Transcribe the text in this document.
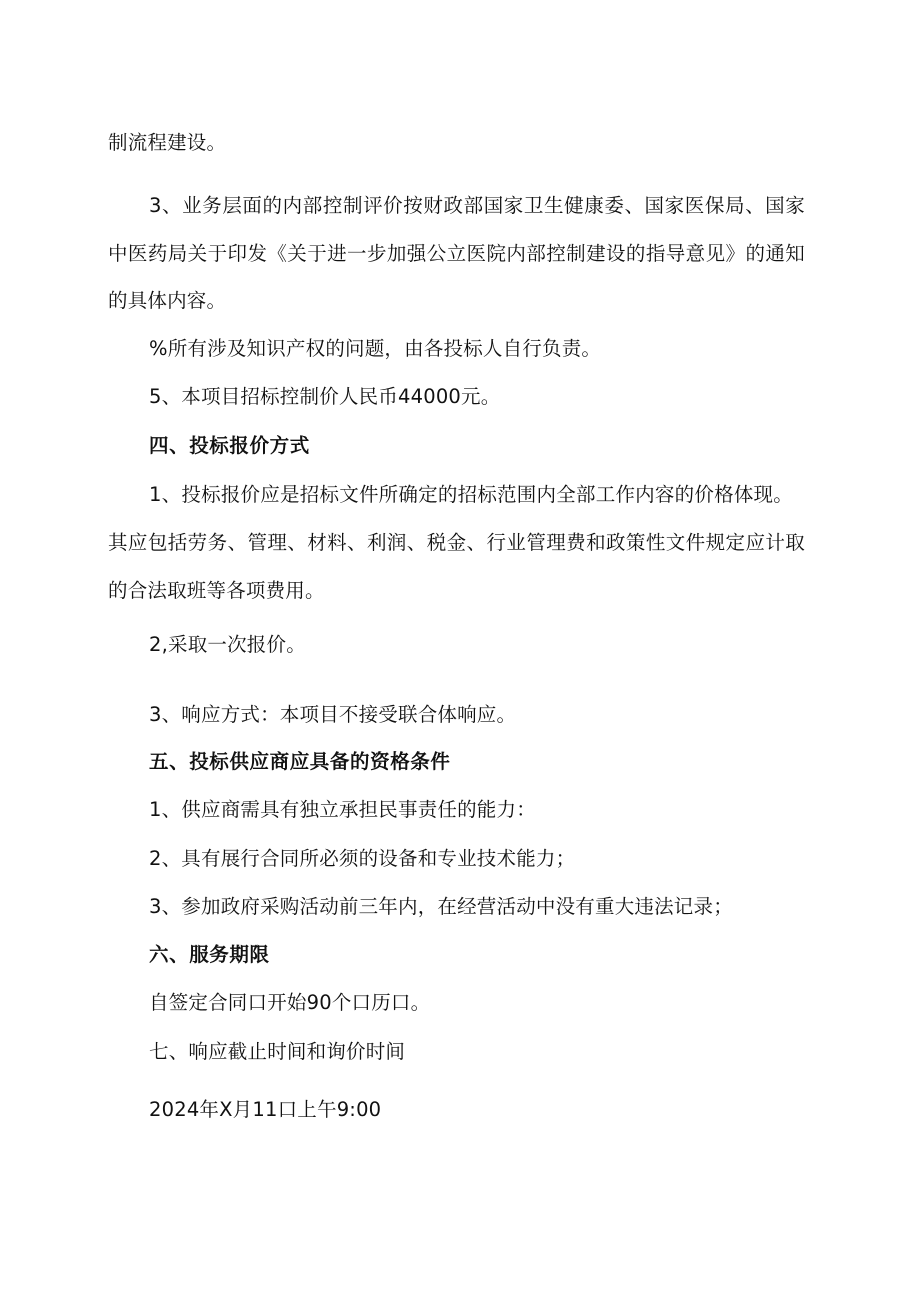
制流程建设。
3、业务层面的内部控制评价按财政部国家卫生健康委、国家医保局、国家
中医药局关于印发《关于进一步加强公立医院内部控制建设的指导意见》的通知
的具体内容。
%所有涉及知识产权的问题，由各投标人自行负责。
5、本项目招标控制价人民币44000元。
四、投标报价方式
1、投标报价应是招标文件所确定的招标范围内全部工作内容的价格体现。
其应包括劳务、管理、材料、利润、税金、行业管理费和政策性文件规定应计取
的合法取班等各项费用。
2,采取一次报价。
3、响应方式：本项目不接受联合体响应。
五、投标供应商应具备的资格条件
1、供应商需具有独立承担民事责任的能力：
2、具有展行合同所必须的设备和专业技术能力；
3、参加政府采购活动前三年内，在经营活动中没有重大违法记录；
六、服务期限
自签定合同口开始90个口历口。
七、响应截止时间和询价时间
2024年X月11口上午9:00
